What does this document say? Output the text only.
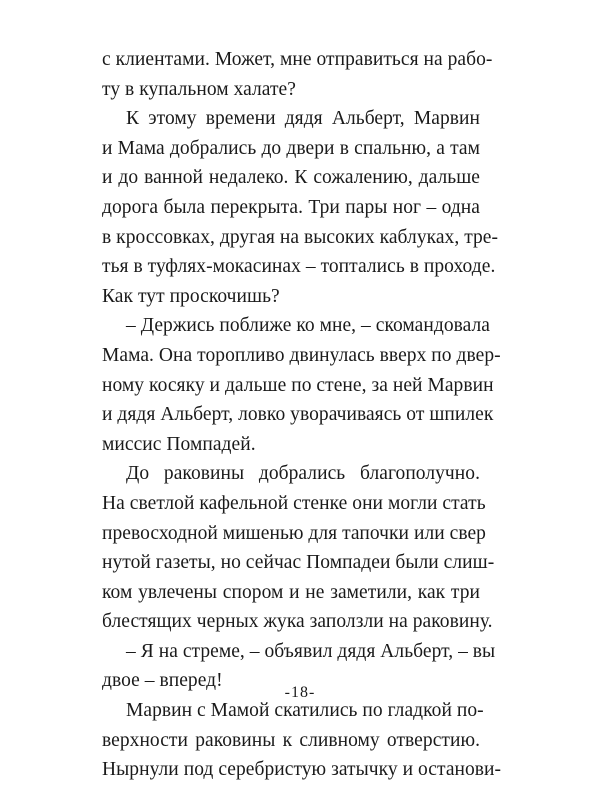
с клиентами. Может, мне отправиться на рабо-
ту в купальном халате?
К этому времени дядя Альберт, Марвин
и Мама добрались до двери в спальню, а там
и до ванной недалеко. К сожалению, дальше
дорога была перекрыта. Три пары ног – одна
в кроссовках, другая на высоких каблуках, тре-
тья в туфлях-мокасинах – топтались в проходе.
Как тут проскочишь?
– Держись поближе ко мне, – скомандовала
Мама. Она торопливо двинулась вверх по двер-
ному косяку и дальше по стене, за ней Марвин
и дядя Альберт, ловко уворачиваясь от шпилек
миссис Помпадей.
До раковины добрались благополучно.
На светлой кафельной стенке они могли стать
превосходной мишенью для тапочки или свер
нутой газеты, но сейчас Помпадеи были слиш-
ком увлечены спором и не заметили, как три
блестящих черных жука заползли на раковину.
– Я на стреме, – объявил дядя Альберт, – вы
двое – вперед!
Марвин с Мамой скатились по гладкой по-
верхности раковины к сливному отверстию.
Нырнули под серебристую затычку и останови-
-18-
